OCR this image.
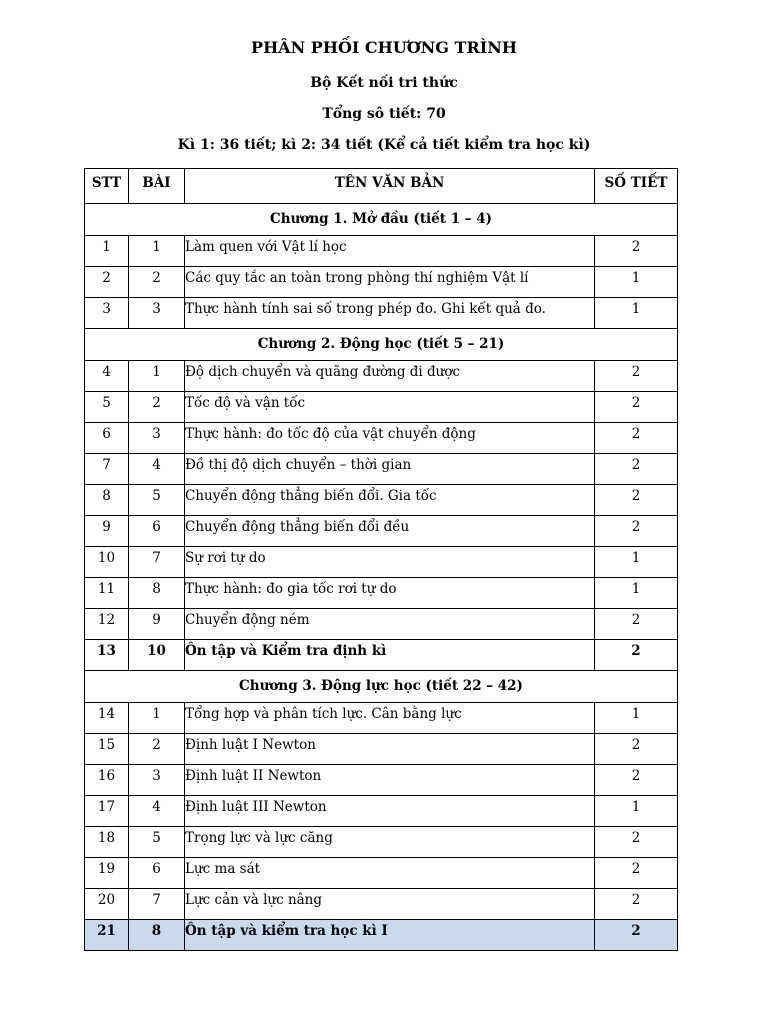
PHÂN PHỐI CHƯƠNG TRÌNH
Bộ Kết nối tri thức
Tổng sô tiết: 70
Kì 1: 36 tiết; kì 2: 34 tiết (Kể cả tiết kiểm tra học kì)
STT	BÀI	TÊN VĂN BẢN	SỐ TIẾT
Chương 1. Mở đầu (tiết 1 – 4)			
1	1	Làm quen với Vật lí học	2
2	2	Các quy tắc an toàn trong phòng thí nghiệm Vật lí	1
3	3	Thực hành tính sai số trong phép đo. Ghi kết quả đo.	1
Chương 2. Động học (tiết 5 – 21)			
4	1	Độ dịch chuyển và quãng đường đi được	2
5	2	Tốc độ và vận tốc	2
6	3	Thực hành: đo tốc độ của vật chuyển động	2
7	4	Đồ thị độ dịch chuyển – thời gian	2
8	5	Chuyển động thẳng biến đổi. Gia tốc	2
9	6	Chuyển động thẳng biến đổi đều	2
10	7	Sự rơi tự do	1
11	8	Thực hành: đo gia tốc rơi tự do	1
12	9	Chuyển động ném	2
13	10	Ôn tập và Kiểm tra định kì	2
Chương 3. Động lực học (tiết 22 – 42)			
14	1	Tổng hợp và phân tích lực. Cân bằng lực	1
15	2	Định luật I Newton	2
16	3	Định luật II Newton	2
17	4	Định luật III Newton	1
18	5	Trọng lực và lực căng	2
19	6	Lực ma sát	2
20	7	Lực cản và lực nâng	2
21	8	Ôn tập và kiểm tra học kì I	2
